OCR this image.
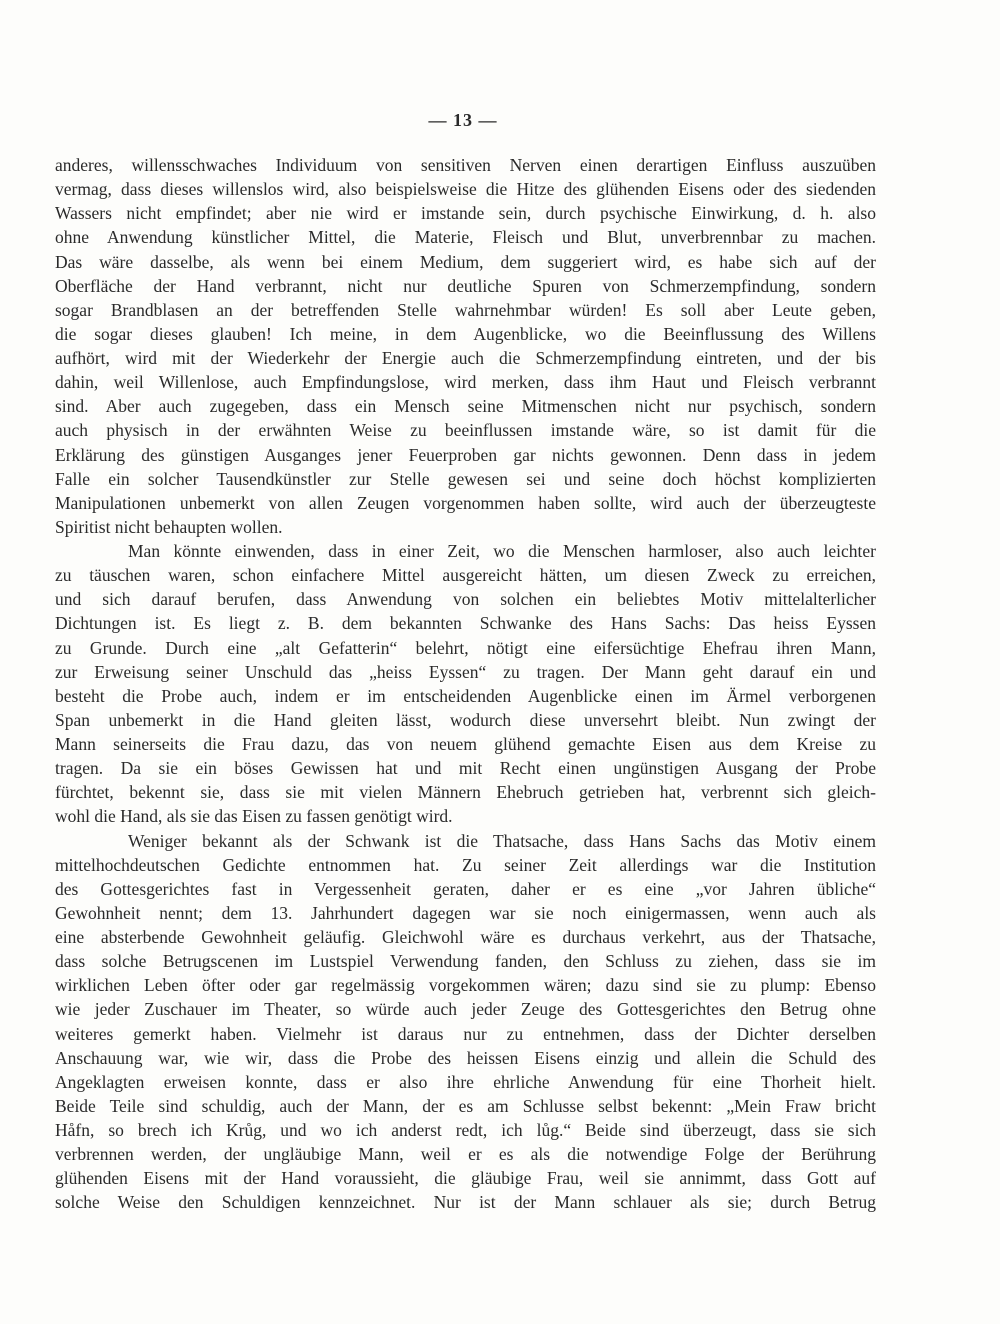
— 13 —
anderes, willensschwaches Individuum von sensitiven Nerven einen derartigen Einfluss auszuüben
vermag, dass dieses willenslos wird, also beispielsweise die Hitze des glühenden Eisens oder des siedenden
Wassers nicht empfindet; aber nie wird er imstande sein, durch psychische Einwirkung, d. h. also
ohne Anwendung künstlicher Mittel, die Materie, Fleisch und Blut, unverbrennbar zu machen.
Das wäre dasselbe, als wenn bei einem Medium, dem suggeriert wird, es habe sich auf der
Oberfläche der Hand verbrannt, nicht nur deutliche Spuren von Schmerzempfindung, sondern
sogar Brandblasen an der betreffenden Stelle wahrnehmbar würden! Es soll aber Leute geben,
die sogar dieses glauben! Ich meine, in dem Augenblicke, wo die Beeinflussung des Willens
aufhört, wird mit der Wiederkehr der Energie auch die Schmerzempfindung eintreten, und der bis
dahin, weil Willenlose, auch Empfindungslose, wird merken, dass ihm Haut und Fleisch verbrannt
sind. Aber auch zugegeben, dass ein Mensch seine Mitmenschen nicht nur psychisch, sondern
auch physisch in der erwähnten Weise zu beeinflussen imstande wäre, so ist damit für die
Erklärung des günstigen Ausganges jener Feuerproben gar nichts gewonnen. Denn dass in jedem
Falle ein solcher Tausendkünstler zur Stelle gewesen sei und seine doch höchst komplizierten
Manipulationen unbemerkt von allen Zeugen vorgenommen haben sollte, wird auch der überzeugteste
Spiritist nicht behaupten wollen.
Man könnte einwenden, dass in einer Zeit, wo die Menschen harmloser, also auch leichter
zu täuschen waren, schon einfachere Mittel ausgereicht hätten, um diesen Zweck zu erreichen,
und sich darauf berufen, dass Anwendung von solchen ein beliebtes Motiv mittelalterlicher
Dichtungen ist. Es liegt z. B. dem bekannten Schwanke des Hans Sachs: Das heiss Eyssen
zu Grunde. Durch eine „alt Gefatterin“ belehrt, nötigt eine eifersüchtige Ehefrau ihren Mann,
zur Erweisung seiner Unschuld das „heiss Eyssen“ zu tragen. Der Mann geht darauf ein und
besteht die Probe auch, indem er im entscheidenden Augenblicke einen im Ärmel verborgenen
Span unbemerkt in die Hand gleiten lässt, wodurch diese unversehrt bleibt. Nun zwingt der
Mann seinerseits die Frau dazu, das von neuem glühend gemachte Eisen aus dem Kreise zu
tragen. Da sie ein böses Gewissen hat und mit Recht einen ungünstigen Ausgang der Probe
fürchtet, bekennt sie, dass sie mit vielen Männern Ehebruch getrieben hat, verbrennt sich gleich-
wohl die Hand, als sie das Eisen zu fassen genötigt wird.
Weniger bekannt als der Schwank ist die Thatsache, dass Hans Sachs das Motiv einem
mittelhochdeutschen Gedichte entnommen hat. Zu seiner Zeit allerdings war die Institution
des Gottesgerichtes fast in Vergessenheit geraten, daher er es eine „vor Jahren übliche“
Gewohnheit nennt; dem 13. Jahrhundert dagegen war sie noch einigermassen, wenn auch als
eine absterbende Gewohnheit geläufig. Gleichwohl wäre es durchaus verkehrt, aus der Thatsache,
dass solche Betrugscenen im Lustspiel Verwendung fanden, den Schluss zu ziehen, dass sie im
wirklichen Leben öfter oder gar regelmässig vorgekommen wären; dazu sind sie zu plump: Ebenso
wie jeder Zuschauer im Theater, so würde auch jeder Zeuge des Gottesgerichtes den Betrug ohne
weiteres gemerkt haben. Vielmehr ist daraus nur zu entnehmen, dass der Dichter derselben
Anschauung war, wie wir, dass die Probe des heissen Eisens einzig und allein die Schuld des
Angeklagten erweisen konnte, dass er also ihre ehrliche Anwendung für eine Thorheit hielt.
Beide Teile sind schuldig, auch der Mann, der es am Schlusse selbst bekennt: „Mein Fraw bricht
Håfn, so brech ich Krůg, und wo ich anderst redt, ich lůg.“ Beide sind überzeugt, dass sie sich
verbrennen werden, der ungläubige Mann, weil er es als die notwendige Folge der Berührung
glühenden Eisens mit der Hand voraussieht, die gläubige Frau, weil sie annimmt, dass Gott auf
solche Weise den Schuldigen kennzeichnet. Nur ist der Mann schlauer als sie; durch Betrug
